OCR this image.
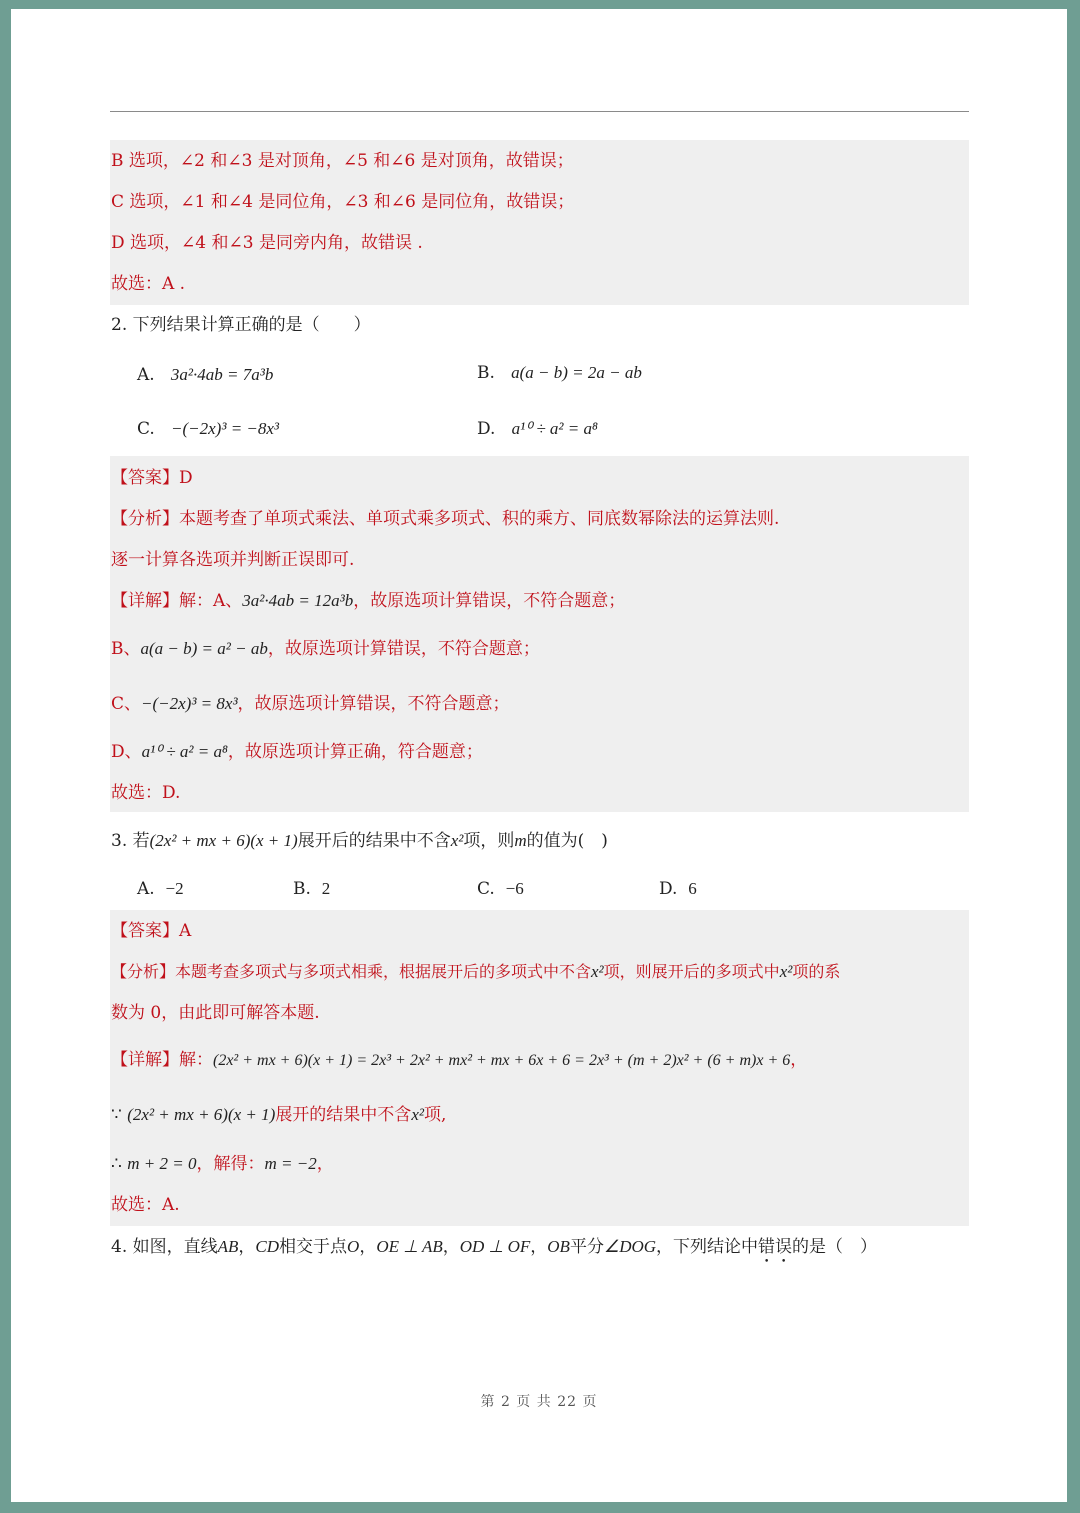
B 选项，∠2 和∠3 是对顶角，∠5 和∠6 是对顶角，故错误；
C 选项，∠1 和∠4 是同位角，∠3 和∠6 是同位角，故错误；
D 选项，∠4 和∠3 是同旁内角，故错误 .
故选：A .
2. 下列结果计算正确的是（　　）
A. 3a²·4ab = 7a³b	B. a(a − b) = 2a − ab
C. −(−2x)³ = −8x³	D. a¹⁰ ÷ a² = a⁸
【答案】D
【分析】本题考查了单项式乘法、单项式乘多项式、积的乘方、同底数幂除法的运算法则.
逐一计算各选项并判断正误即可.
【详解】解：A、3a²·4ab = 12a³b，故原选项计算错误，不符合题意；
B、a(a − b) = a² − ab，故原选项计算错误，不符合题意；
C、−(−2x)³ = 8x³，故原选项计算错误，不符合题意；
D、a¹⁰ ÷ a² = a⁸，故原选项计算正确，符合题意；
故选：D.
3. 若(2x² + mx + 6)(x + 1)展开后的结果中不含x²项，则m的值为(　)
A. −2	B. 2	C. −6	D. 6
【答案】A
【分析】本题考查多项式与多项式相乘，根据展开后的多项式中不含x²项，则展开后的多项式中x²项的系
数为 0，由此即可解答本题.
【详解】解：(2x² + mx + 6)(x + 1) = 2x³ + 2x² + mx² + mx + 6x + 6 = 2x³ + (m + 2)x² + (6 + m)x + 6，
∵ (2x² + mx + 6)(x + 1)展开的结果中不含x²项,
∴ m + 2 = 0，解得：m = −2，
故选：A.
4. 如图，直线AB，CD相交于点O，OE ⊥ AB，OD ⊥ OF，OB平分∠DOG，下列结论中错误的是（　）
第 2 页 共 22 页
